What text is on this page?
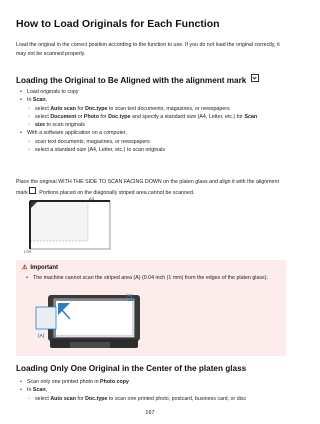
How to Load Originals for Each Function
Load the original in the correct position according to the function to use. If you do not load the original correctly, it may not be scanned properly.
Loading the Original to Be Aligned with the alignment mark
• Load originals to copy
• In Scan,
◦ select Auto scan for Doc.type to scan text documents, magazines, or newspapers
◦ select Document or Photo for Doc.type and specify a standard size (A4, Letter, etc.) for Scan
◦ size to scan originals
• With a software application on a computer,
◦ scan text documents, magazines, or newspapers
◦ select a standard size (A4, Letter, etc.) to scan originals
Place the original WITH THE SIDE TO SCAN FACING DOWN on the platen glass and align it with the alignment mark . Portions placed on the diagonally striped area cannot be scanned.
A4
LTR
⚠ Important
• The machine cannot scan the striped area (A) (0.04 inch (1 mm) from the edges of the platen glass).
(A)
(A)
Loading Only One Original in the Center of the platen glass
• Scan only one printed photo in Photo copy
• In Scan,
◦ select Auto scan for Doc.type to scan one printed photo, postcard, business card, or disc
167
